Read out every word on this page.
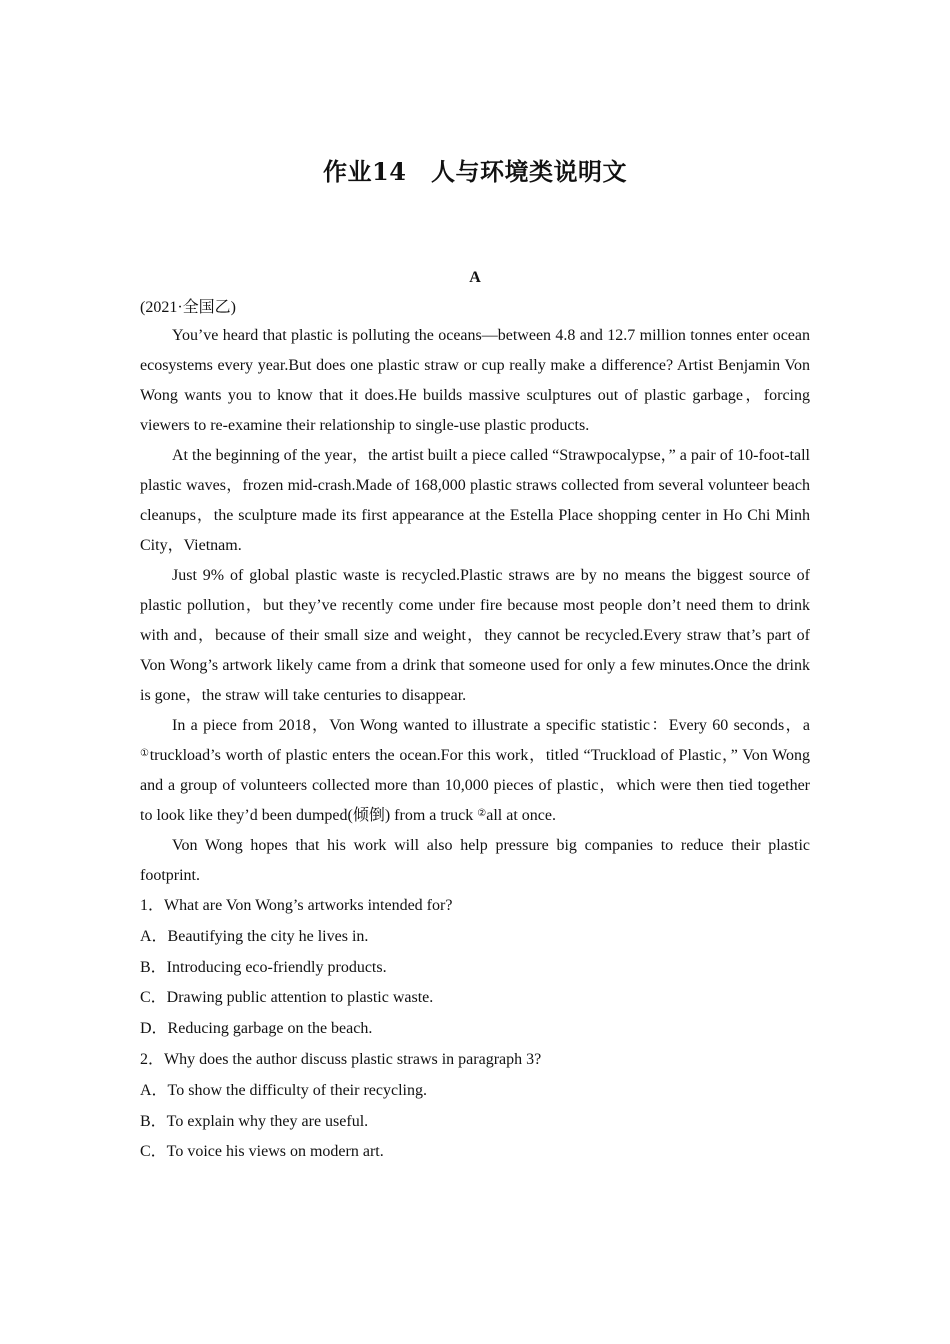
作业14　人与环境类说明文
A
(2021·全国乙)

You’ve heard that plastic is polluting the oceans—between 4.8 and 12.7 million tonnes enter ocean ecosystems every year.But does one plastic straw or cup really make a difference? Artist Benjamin Von Wong wants you to know that it does.He builds massive sculptures out of plastic garbage，forcing viewers to re-examine their relationship to single-use plastic products.

At the beginning of the year，the artist built a piece called “Strawpocalypse，” a pair of 10-foot-tall plastic waves，frozen mid-crash.Made of 168,000 plastic straws collected from several volunteer beach cleanups，the sculpture made its first appearance at the Estella Place shopping center in Ho Chi Minh City，Vietnam.

Just 9% of global plastic waste is recycled.Plastic straws are by no means the biggest source of plastic pollution，but they’ve recently come under fire because most people don’t need them to drink with and，because of their small size and weight，they cannot be recycled.Every straw that’s part of Von Wong’s artwork likely came from a drink that someone used for only a few minutes.Once the drink is gone，the straw will take centuries to disappear.

In a piece from 2018，Von Wong wanted to illustrate a specific statistic：Every 60 seconds，a ①truckload’s worth of plastic enters the ocean.For this work，titled “Truckload of Plastic，” Von Wong and a group of volunteers collected more than 10,000 pieces of plastic，which were then tied together to look like they’d been dumped(倾倒) from a truck ②all at once.

Von Wong hopes that his work will also help pressure big companies to reduce their plastic footprint.

1．What are Von Wong’s artworks intended for?

A．Beautifying the city he lives in.

B．Introducing eco-friendly products.

C．Drawing public attention to plastic waste.

D．Reducing garbage on the beach.

2．Why does the author discuss plastic straws in paragraph 3?

A．To show the difficulty of their recycling.

B．To explain why they are useful.

C．To voice his views on modern art.
